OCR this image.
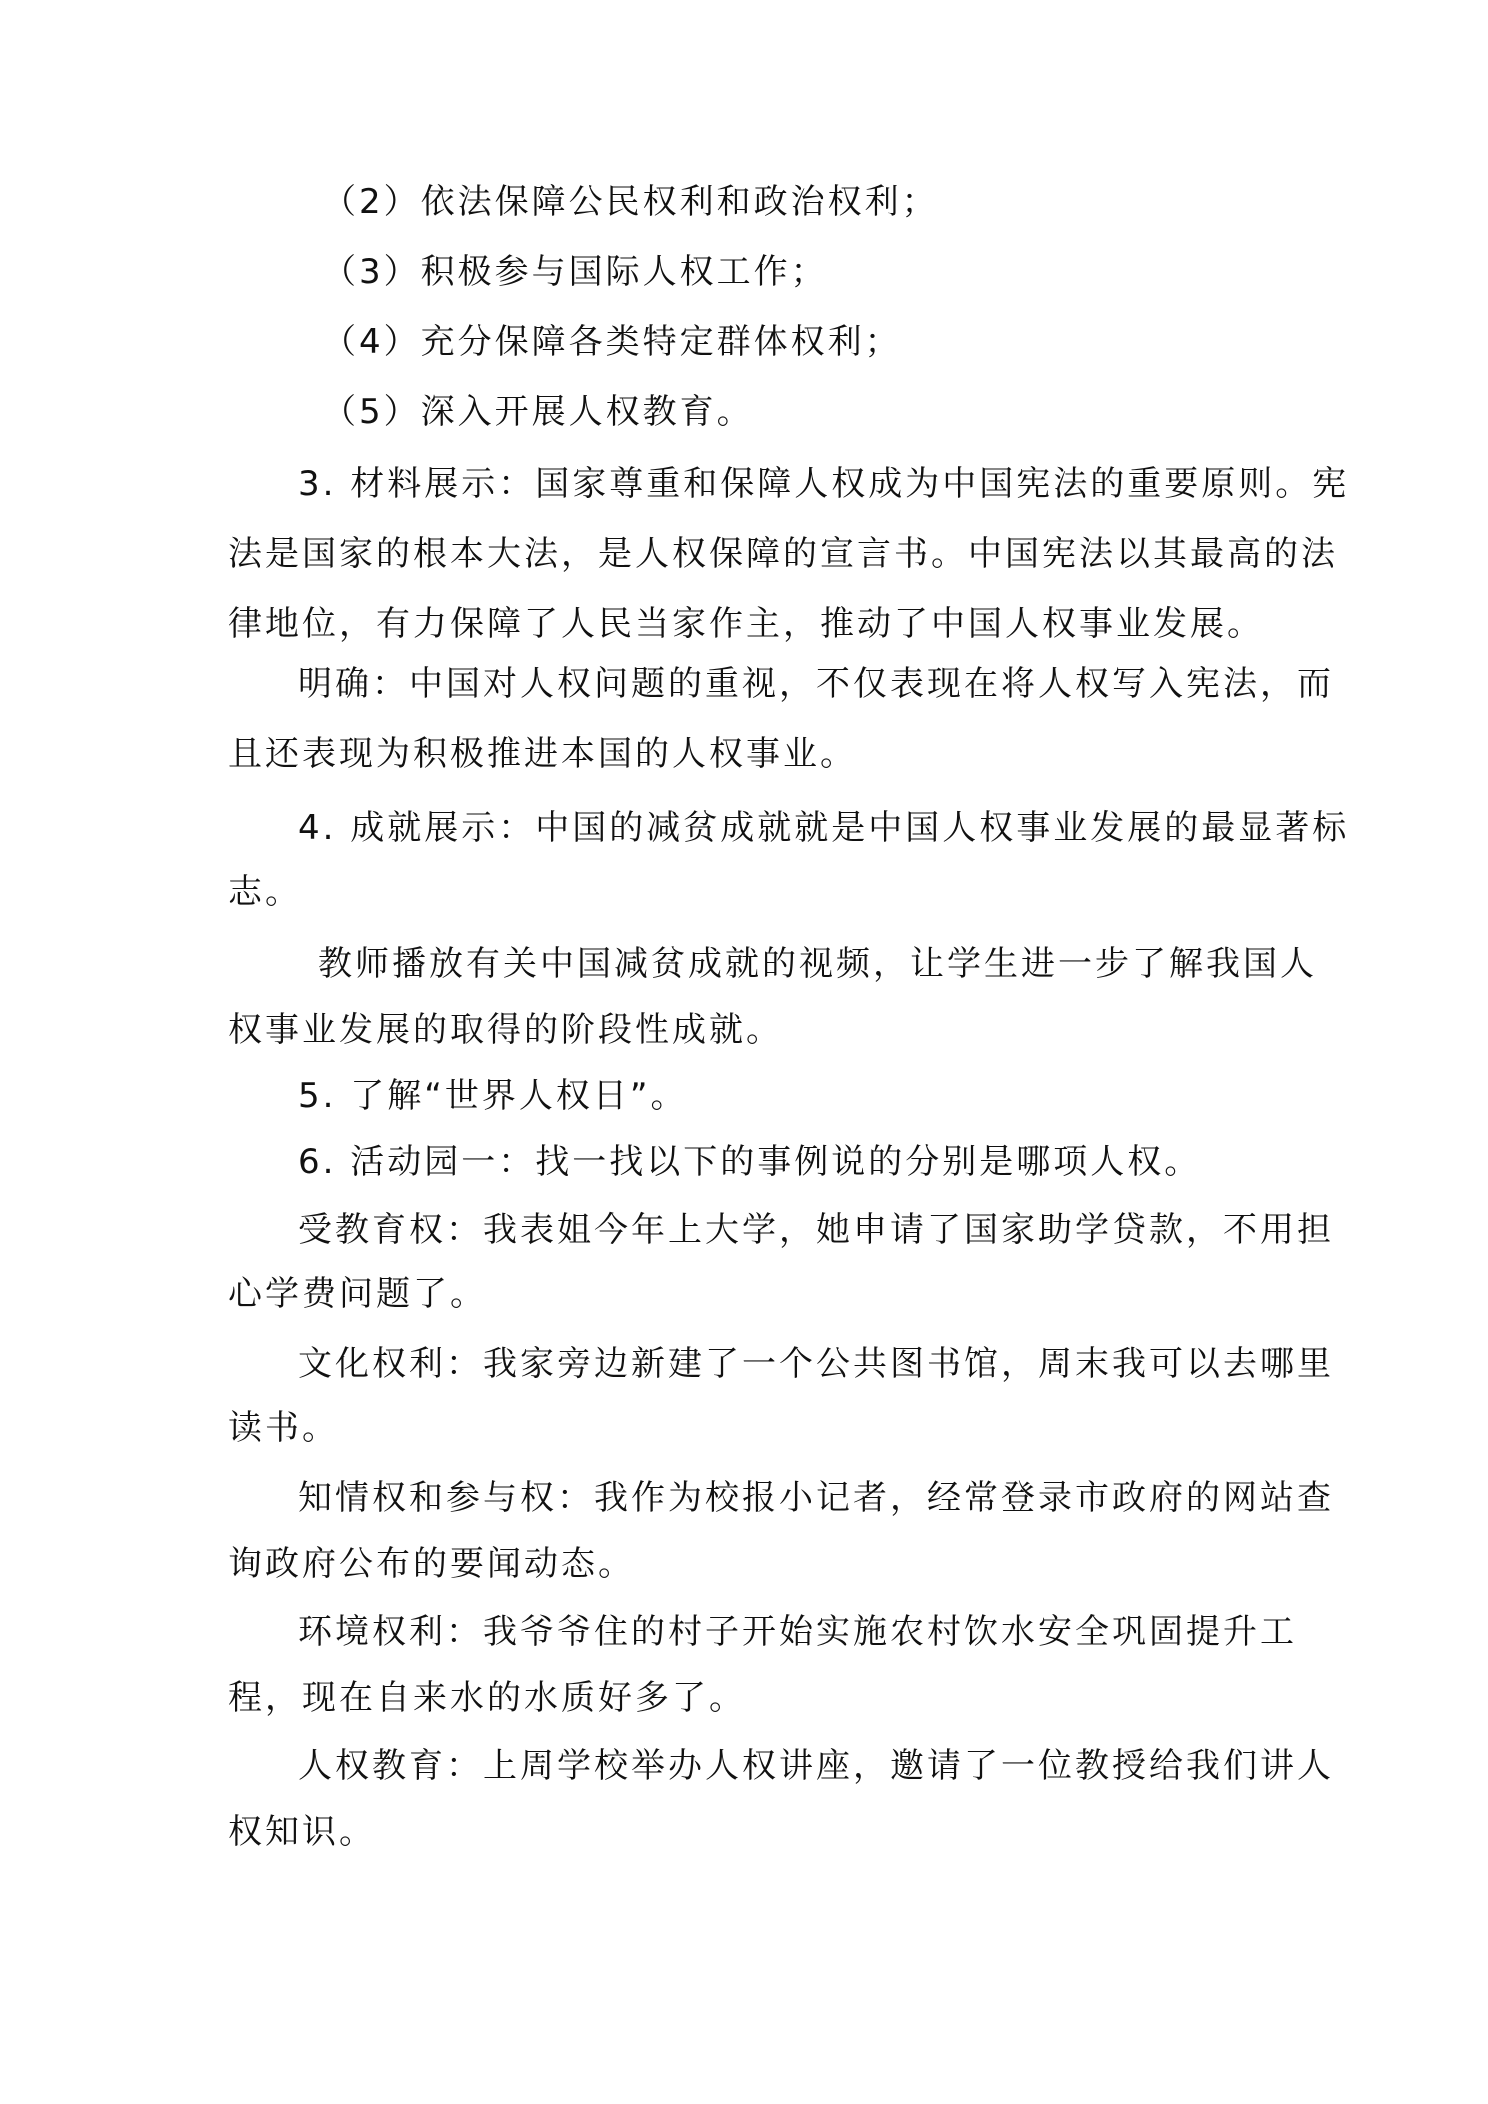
（2）依法保障公民权利和政治权利；
（3）积极参与国际人权工作；
（4）充分保障各类特定群体权利；
（5）深入开展人权教育。
3. 材料展示：国家尊重和保障人权成为中国宪法的重要原则。宪
法是国家的根本大法，是人权保障的宣言书。中国宪法以其最高的法
律地位，有力保障了人民当家作主，推动了中国人权事业发展。
明确：中国对人权问题的重视，不仅表现在将人权写入宪法，而
且还表现为积极推进本国的人权事业。
4. 成就展示：中国的减贫成就就是中国人权事业发展的最显著标
志。
教师播放有关中国减贫成就的视频，让学生进一步了解我国人
权事业发展的取得的阶段性成就。
5. 了解“世界人权日”。
6. 活动园一：找一找以下的事例说的分别是哪项人权。
受教育权：我表姐今年上大学，她申请了国家助学贷款，不用担
心学费问题了。
文化权利：我家旁边新建了一个公共图书馆，周末我可以去哪里
读书。
知情权和参与权：我作为校报小记者，经常登录市政府的网站查
询政府公布的要闻动态。
环境权利：我爷爷住的村子开始实施农村饮水安全巩固提升工
程，现在自来水的水质好多了。
人权教育：上周学校举办人权讲座，邀请了一位教授给我们讲人
权知识。
